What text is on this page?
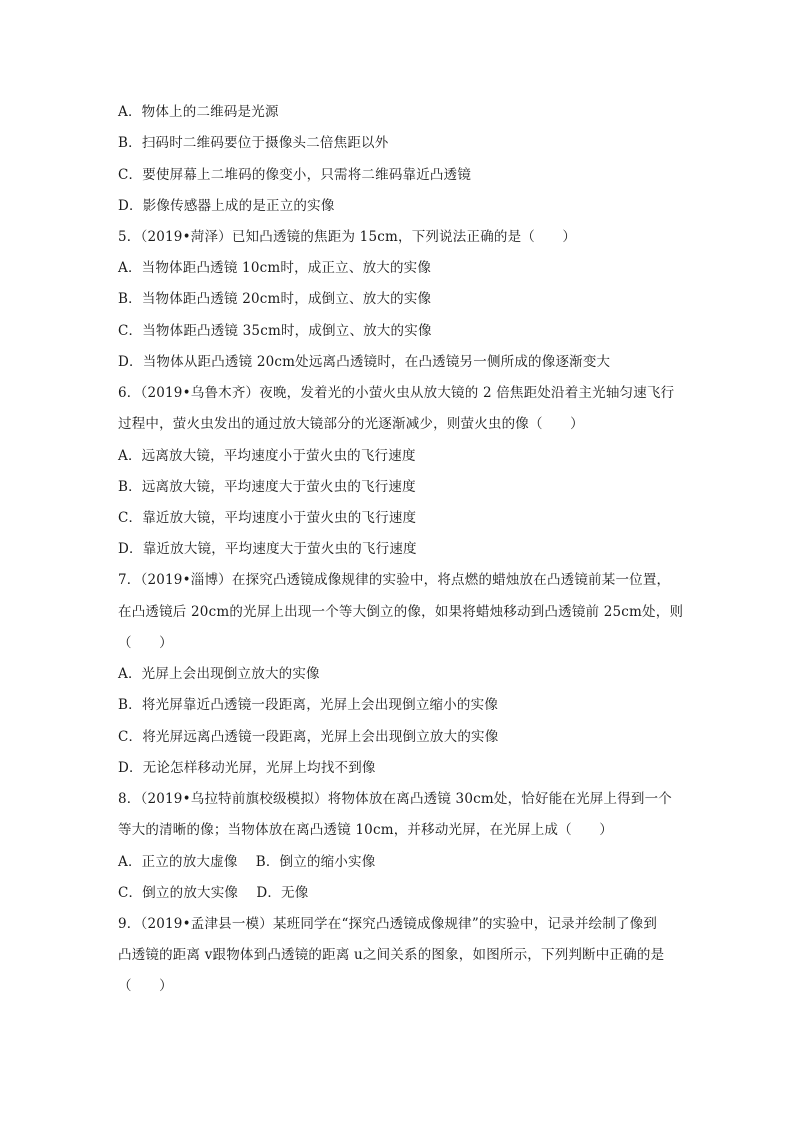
A．物体上的二维码是光源
B．扫码时二维码要位于摄像头二倍焦距以外
C．要使屏幕上二堆码的像变小，只需将二维码靠近凸透镜
D．影像传感器上成的是正立的实像
5．（2019•菏泽）已知凸透镜的焦距为 15cm，下列说法正确的是（　　）
A．当物体距凸透镜 10cm时，成正立、放大的实像
B．当物体距凸透镜 20cm时，成倒立、放大的实像
C．当物体距凸透镜 35cm时，成倒立、放大的实像
D．当物体从距凸透镜 20cm处远离凸透镜时，在凸透镜另一侧所成的像逐渐变大
6．（2019•乌鲁木齐）夜晚，发着光的小萤火虫从放大镜的 2 倍焦距处沿着主光轴匀速飞行
过程中，萤火虫发出的通过放大镜部分的光逐渐减少，则萤火虫的像（　　）
A．远离放大镜，平均速度小于萤火虫的飞行速度
B．远离放大镜，平均速度大于萤火虫的飞行速度
C．靠近放大镜，平均速度小于萤火虫的飞行速度
D．靠近放大镜，平均速度大于萤火虫的飞行速度
7．（2019•淄博）在探究凸透镜成像规律的实验中，将点燃的蜡烛放在凸透镜前某一位置，
在凸透镜后 20cm的光屏上出现一个等大倒立的像，如果将蜡烛移动到凸透镜前 25cm处，则
（　　）
A．光屏上会出现倒立放大的实像
B．将光屏靠近凸透镜一段距离，光屏上会出现倒立缩小的实像
C．将光屏远离凸透镜一段距离，光屏上会出现倒立放大的实像
D．无论怎样移动光屏，光屏上均找不到像
8．（2019•乌拉特前旗校级模拟）将物体放在离凸透镜 30cm处，恰好能在光屏上得到一个
等大的清晰的像；当物体放在离凸透镜 10cm，并移动光屏，在光屏上成（　　）
A．正立的放大虚像　 B．倒立的缩小实像
C．倒立的放大实像　 D．无像
9．（2019•孟津县一模）某班同学在“探究凸透镜成像规律”的实验中，记录并绘制了像到
凸透镜的距离 v跟物体到凸透镜的距离 u之间关系的图象，如图所示，下列判断中正确的是
（　　）
